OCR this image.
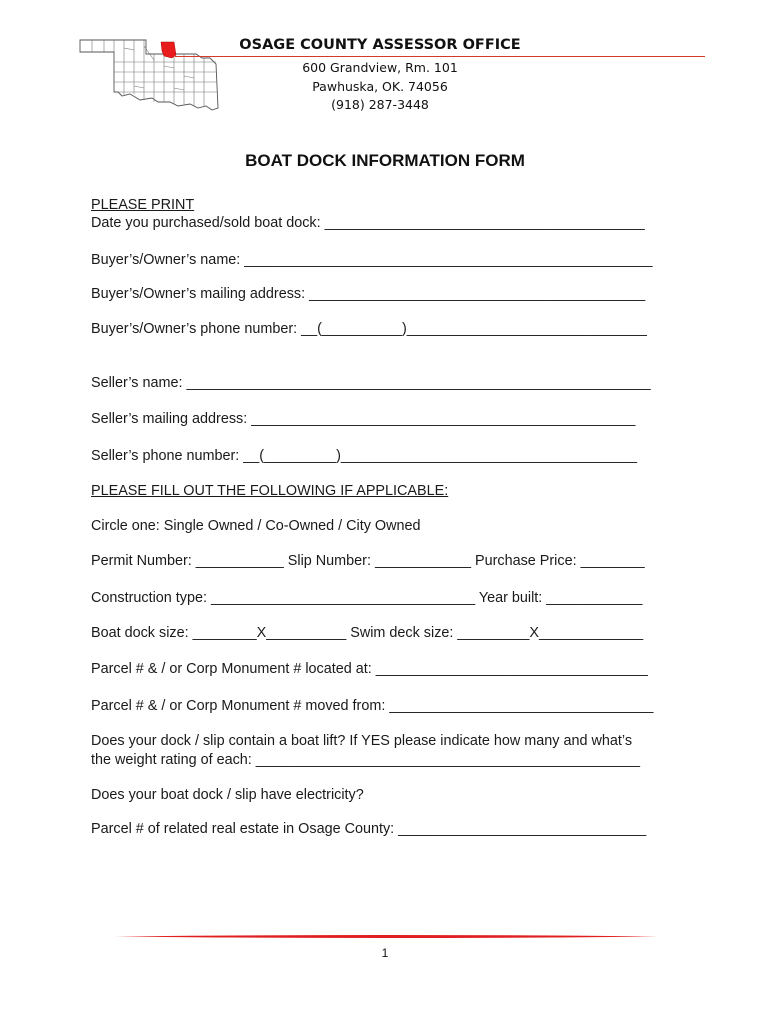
OSAGE COUNTY ASSESSOR OFFICE
600 Grandview, Rm. 101
Pawhuska, OK. 74056
(918) 287-3448
BOAT DOCK INFORMATION FORM
PLEASE PRINT
Date you purchased/sold boat dock: ________________________________________
Buyer’s/Owner’s name: ___________________________________________________
Buyer’s/Owner’s mailing address: __________________________________________
Buyer’s/Owner’s phone number: __(__________)______________________________
Seller’s name: __________________________________________________________
Seller’s mailing address: ________________________________________________
Seller’s phone number: __(_________)_____________________________________
PLEASE FILL OUT THE FOLLOWING IF APPLICABLE:
Circle one: Single Owned / Co-Owned / City Owned
Permit Number: ___________ Slip Number: ____________ Purchase Price: ________
Construction type: _________________________________ Year built: ____________
Boat dock size: ________X__________ Swim deck size: _________X_____________
Parcel # & / or Corp Monument # located at: __________________________________
Parcel # & / or Corp Monument # moved from: _________________________________
Does your dock / slip contain a boat lift? If YES please indicate how many and what’s
the weight rating of each: ________________________________________________
Does your boat dock / slip have electricity?
Parcel # of related real estate in Osage County: _______________________________
1
